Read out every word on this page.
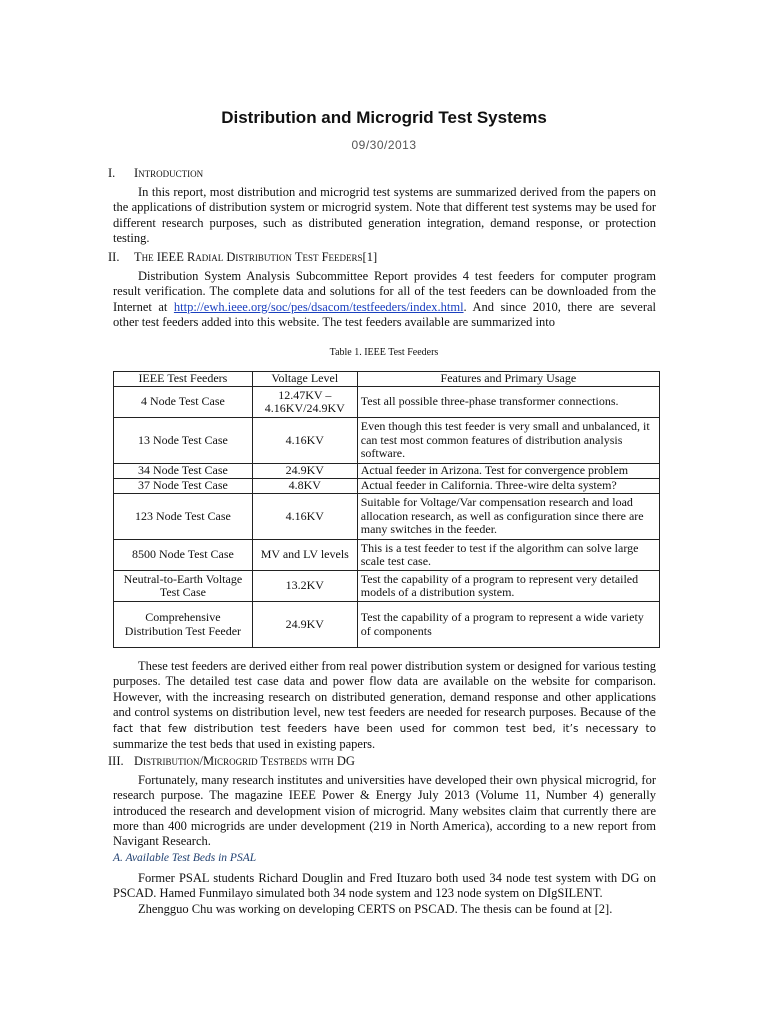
Distribution and Microgrid Test Systems
09/30/2013
I. Introduction

In this report, most distribution and microgrid test systems are summarized derived from the papers on the applications of distribution system or microgrid system. Note that different test systems may be used for different research purposes, such as distributed generation integration, demand response, or protection testing.

II. The IEEE Radial Distribution Test Feeders[1]

Distribution System Analysis Subcommittee Report provides 4 test feeders for computer program result verification. The complete data and solutions for all of the test feeders can be downloaded from the Internet at http://ewh.ieee.org/soc/pes/dsacom/testfeeders/index.html. And since 2010, there are several other test feeders added into this website. The test feeders available are summarized into

Table 1. IEEE Test Feeders
IEEE Test Feeders	Voltage Level	Features and Primary Usage
4 Node Test Case	12.47KV – 4.16KV/24.9KV	Test all possible three-phase transformer connections.
13 Node Test Case	4.16KV	Even though this test feeder is very small and unbalanced, it can test most common features of distribution analysis software.
34 Node Test Case	24.9KV	Actual feeder in Arizona. Test for convergence problem
37 Node Test Case	4.8KV	Actual feeder in California. Three-wire delta system?
123 Node Test Case	4.16KV	Suitable for Voltage/Var compensation research and load allocation research, as well as configuration since there are many switches in the feeder.
8500 Node Test Case	MV and LV levels	This is a test feeder to test if the algorithm can solve large scale test case.
Neutral-to-Earth Voltage Test Case	13.2KV	Test the capability of a program to represent very detailed models of a distribution system.
Comprehensive Distribution Test Feeder	24.9KV	Test the capability of a program to represent a wide variety of components

These test feeders are derived either from real power distribution system or designed for various testing purposes. The detailed test case data and power flow data are available on the website for comparison. However, with the increasing research on distributed generation, demand response and other applications and control systems on distribution level, new test feeders are needed for research purposes. Because of the fact that few distribution test feeders have been used for common test bed, it’s necessary to summarize the test beds that used in existing papers.

III. Distribution/Microgrid Testbeds with DG

Fortunately, many research institutes and universities have developed their own physical microgrid, for research purpose. The magazine IEEE Power & Energy July 2013 (Volume 11, Number 4) generally introduced the research and development vision of microgrid. Many websites claim that currently there are more than 400 microgrids are under development (219 in North America), according to a new report from Navigant Research.

A. Available Test Beds in PSAL

Former PSAL students Richard Douglin and Fred Ituzaro both used 34 node test system with DG on PSCAD. Hamed Funmilayo simulated both 34 node system and 123 node system on DIgSILENT.

Zhengguo Chu was working on developing CERTS on PSCAD. The thesis can be found at [2].
